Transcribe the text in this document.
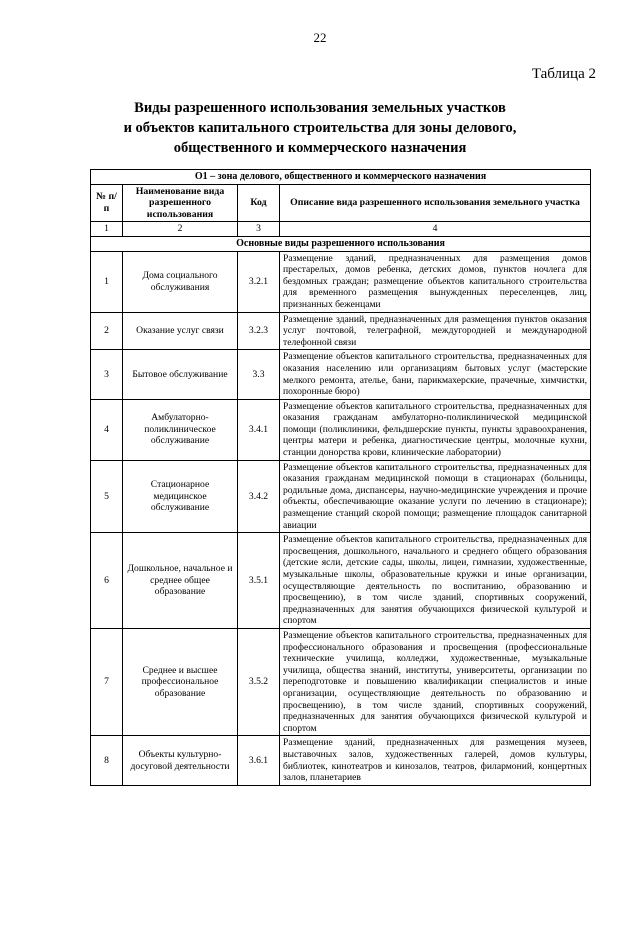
22
Таблица 2
Виды разрешенного использования земельных участков
и объектов капитального строительства для зоны делового,
общественного и коммерческого назначения
О1 – зона делового, общественного и коммерческого назначения			
№ п/п	Наименование вида разрешенного использования	Код	Описание вида разрешенного использования земельного участка
1	2	3	4
Основные виды разрешенного использования			
1	Дома социального обслуживания	3.2.1	Размещение зданий, предназначенных для размещения домов престарелых, домов ребенка, детских домов, пунктов ночлега для бездомных граждан; размещение объектов капитального строительства для временного размещения вынужденных переселенцев, лиц, признанных беженцами
2	Оказание услуг связи	3.2.3	Размещение зданий, предназначенных для размещения пунктов оказания услуг почтовой, телеграфной, междугородней и международной телефонной связи
3	Бытовое обслуживание	3.3	Размещение объектов капитального строительства, предназначенных для оказания населению или организациям бытовых услуг (мастерские мелкого ремонта, ателье, бани, парикмахерские, прачечные, химчистки, похоронные бюро)
4	Амбулаторно-поликлиническое обслуживание	3.4.1	Размещение объектов капитального строительства, предназначенных для оказания гражданам амбулаторно-поликлинической медицинской помощи (поликлиники, фельдшерские пункты, пункты здравоохранения, центры матери и ребенка, диагностические центры, молочные кухни, станции донорства крови, клинические лаборатории)
5	Стационарное медицинское обслуживание	3.4.2	Размещение объектов капитального строительства, предназначенных для оказания гражданам медицинской помощи в стационарах (больницы, родильные дома, диспансеры, научно-медицинские учреждения и прочие объекты, обеспечивающие оказание услуги по лечению в стационаре); размещение станций скорой помощи; размещение площадок санитарной авиации
6	Дошкольное, начальное и среднее общее образование	3.5.1	Размещение объектов капитального строительства, предназначенных для просвещения, дошкольного, начального и среднего общего образования (детские ясли, детские сады, школы, лицеи, гимназии, художественные, музыкальные школы, образовательные кружки и иные организации, осуществляющие деятельность по воспитанию, образованию и просвещению), в том числе зданий, спортивных сооружений, предназначенных для занятия обучающихся физической культурой и спортом
7	Среднее и высшее профессиональное образование	3.5.2	Размещение объектов капитального строительства, предназначенных для профессионального образования и просвещения (профессиональные технические училища, колледжи, художественные, музыкальные училища, общества знаний, институты, университеты, организации по переподготовке и повышению квалификации специалистов и иные организации, осуществляющие деятельность по образованию и просвещению), в том числе зданий, спортивных сооружений, предназначенных для занятия обучающихся физической культурой и спортом
8	Объекты культурно-досуговой деятельности	3.6.1	Размещение зданий, предназначенных для размещения музеев, выставочных залов, художественных галерей, домов культуры, библиотек, кинотеатров и кинозалов, театров, филармоний, концертных залов, планетариев
